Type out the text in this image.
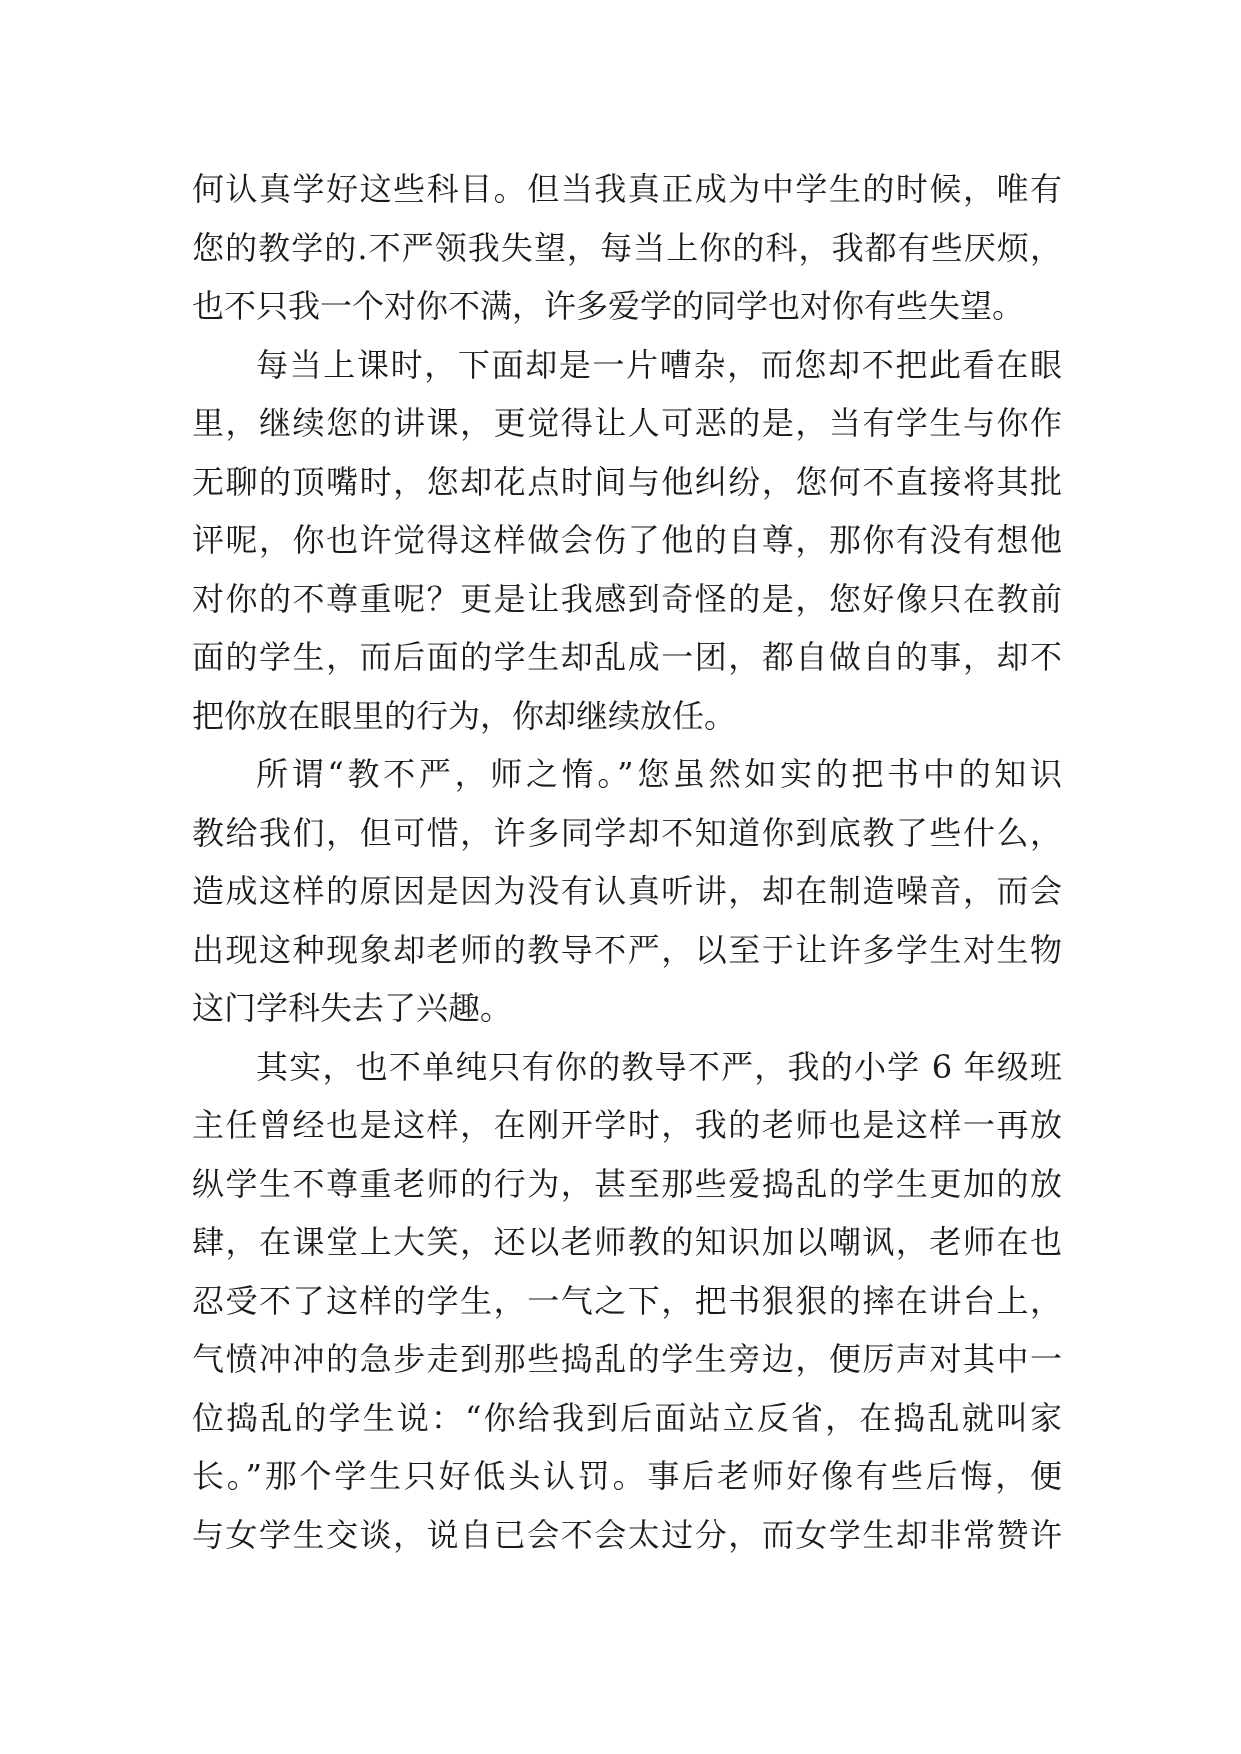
何认真学好这些科目。但当我真正成为中学生的时候，唯有
您的教学的.不严领我失望，每当上你的科，我都有些厌烦，
也不只我一个对你不满，许多爱学的同学也对你有些失望。
每当上课时，下面却是一片嘈杂，而您却不把此看在眼
里，继续您的讲课，更觉得让人可恶的是，当有学生与你作
无聊的顶嘴时，您却花点时间与他纠纷，您何不直接将其批
评呢，你也许觉得这样做会伤了他的自尊，那你有没有想他
对你的不尊重呢？更是让我感到奇怪的是，您好像只在教前
面的学生，而后面的学生却乱成一团，都自做自的事，却不
把你放在眼里的行为，你却继续放任。
所谓“教不严，师之惰。”您虽然如实的把书中的知识
教给我们，但可惜，许多同学却不知道你到底教了些什么，
造成这样的原因是因为没有认真听讲，却在制造噪音，而会
出现这种现象却老师的教导不严，以至于让许多学生对生物
这门学科失去了兴趣。
其实，也不单纯只有你的教导不严，我的小学 6 年级班
主任曾经也是这样，在刚开学时，我的老师也是这样一再放
纵学生不尊重老师的行为，甚至那些爱捣乱的学生更加的放
肆，在课堂上大笑，还以老师教的知识加以嘲讽，老师在也
忍受不了这样的学生，一气之下，把书狠狠的摔在讲台上，
气愤冲冲的急步走到那些捣乱的学生旁边，便厉声对其中一
位捣乱的学生说：“你给我到后面站立反省，在捣乱就叫家
长。”那个学生只好低头认罚。事后老师好像有些后悔，便
与女学生交谈，说自已会不会太过分，而女学生却非常赞许
